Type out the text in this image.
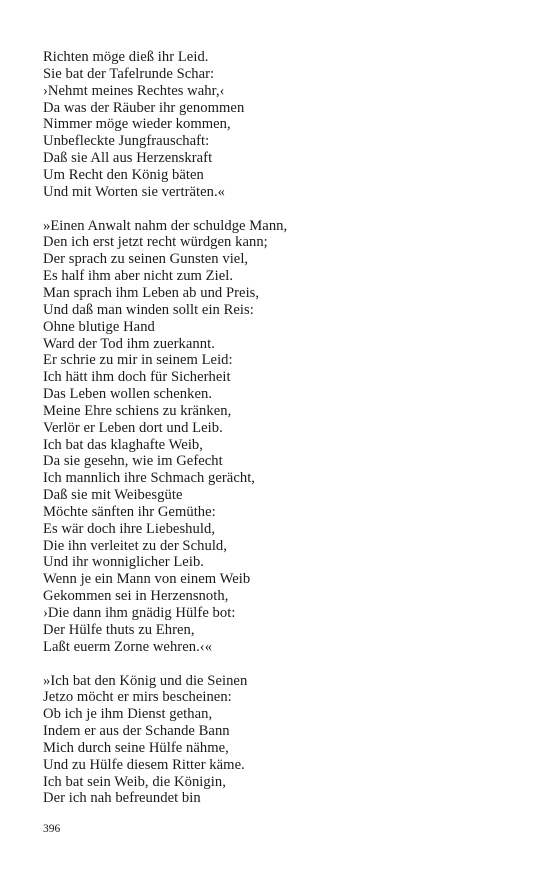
Richten möge dieß ihr Leid.
Sie bat der Tafelrunde Schar:
›Nehmt meines Rechtes wahr,‹
Da was der Räuber ihr genommen
Nimmer möge wieder kommen,
Unbefleckte Jungfrauschaft:
Daß sie All aus Herzenskraft
Um Recht den König bäten
Und mit Worten sie verträten.«
»Einen Anwalt nahm der schuldge Mann,
Den ich erst jetzt recht würdgen kann;
Der sprach zu seinen Gunsten viel,
Es half ihm aber nicht zum Ziel.
Man sprach ihm Leben ab und Preis,
Und daß man winden sollt ein Reis:
Ohne blutige Hand
Ward der Tod ihm zuerkannt.
Er schrie zu mir in seinem Leid:
Ich hätt ihm doch für Sicherheit
Das Leben wollen schenken.
Meine Ehre schiens zu kränken,
Verlör er Leben dort und Leib.
Ich bat das klaghafte Weib,
Da sie gesehn, wie im Gefecht
Ich mannlich ihre Schmach gerächt,
Daß sie mit Weibesgüte
Möchte sänften ihr Gemüthe:
Es wär doch ihre Liebeshuld,
Die ihn verleitet zu der Schuld,
Und ihr wonniglicher Leib.
Wenn je ein Mann von einem Weib
Gekommen sei in Herzensnoth,
›Die dann ihm gnädig Hülfe bot:
Der Hülfe thuts zu Ehren,
Laßt euerm Zorne wehren.‹«
»Ich bat den König und die Seinen
Jetzo möcht er mirs bescheinen:
Ob ich je ihm Dienst gethan,
Indem er aus der Schande Bann
Mich durch seine Hülfe nähme,
Und zu Hülfe diesem Ritter käme.
Ich bat sein Weib, die Königin,
Der ich nah befreundet bin
396
